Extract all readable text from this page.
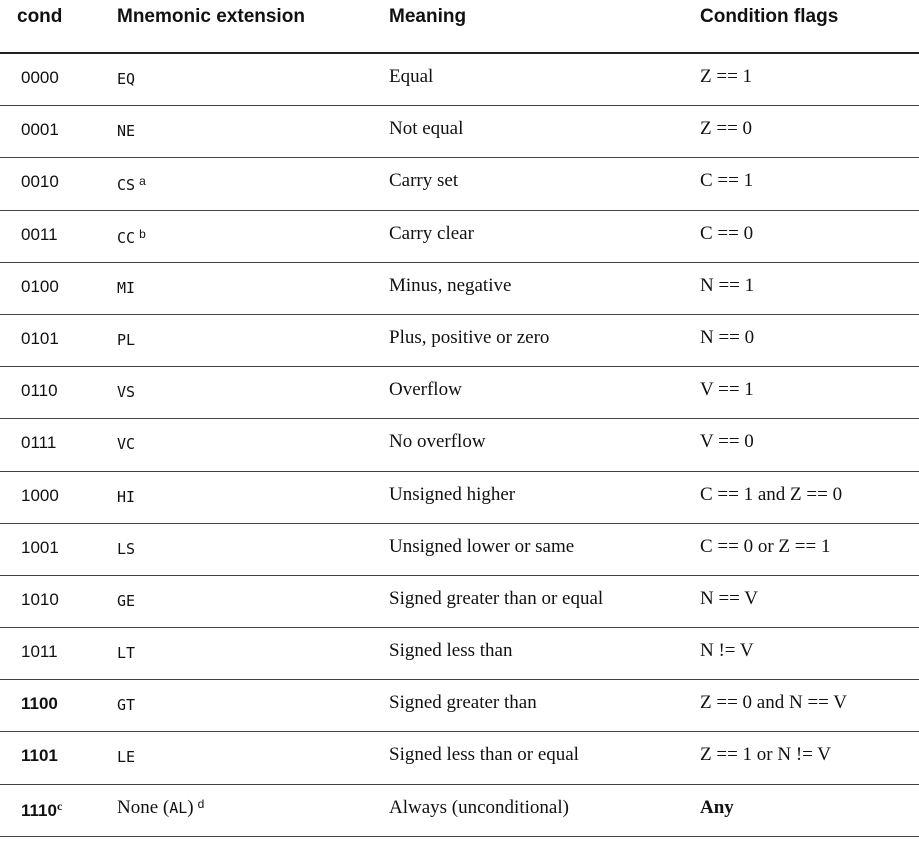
cond	Mnemonic extension	Meaning	Condition flags
0000	EQ	Equal	Z == 1
0001	NE	Not equal	Z == 0
0010	CS $^a$	Carry set	C == 1
0011	CC $^b$	Carry clear	C == 0
0100	MI	Minus, negative	N == 1
0101	PL	Plus, positive or zero	N == 0
0110	VS	Overflow	V == 1
0111	VC	No overflow	V == 0
1000	HI	Unsigned higher	C == 1 and Z == 0
1001	LS	Unsigned lower or same	C == 0 or Z == 1
1010	GE	Signed greater than or equal	N == V
1011	LT	Signed less than	N != V
1100	GT	Signed greater than	Z == 0 and N == V
1101	LE	Signed less than or equal	Z == 1 or N != V
1110$^c$	None (AL) $^d$	Always (unconditional)	Any
